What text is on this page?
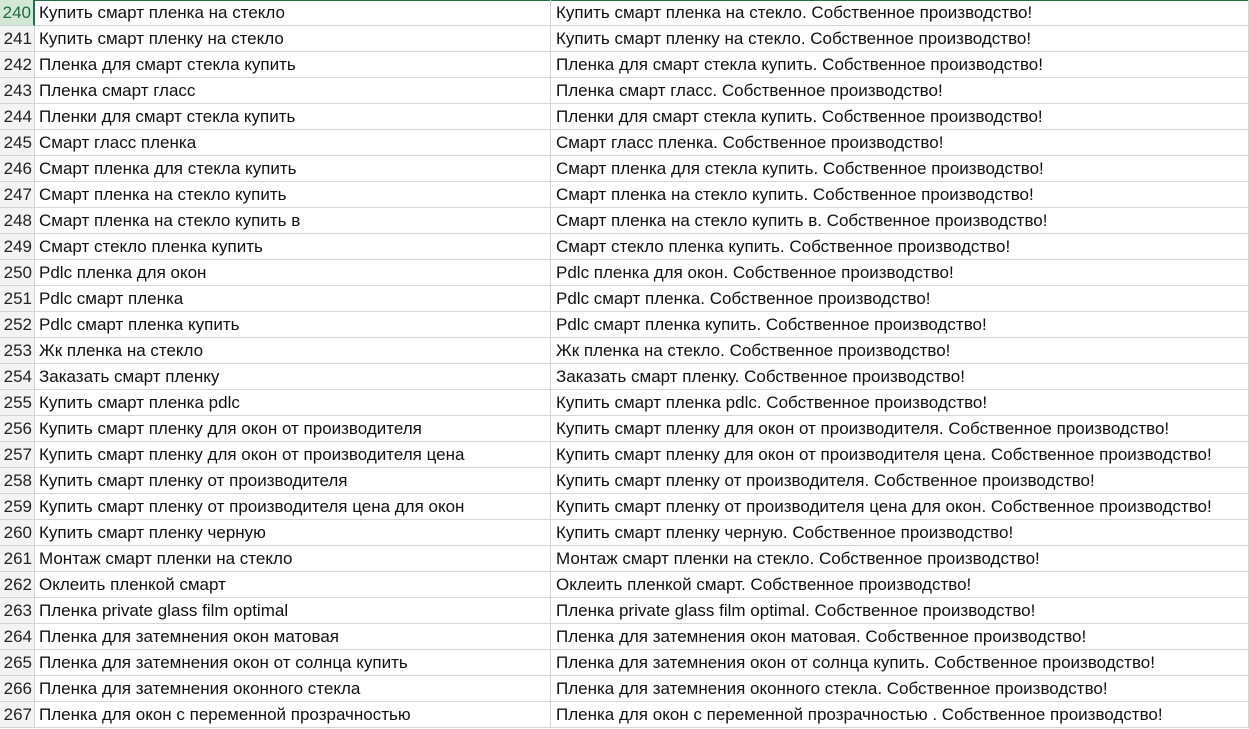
240 Купить смарт пленка на стекло	Купить смарт пленка на стекло. Собственное производство!
241 Купить смарт пленку на стекло	Купить смарт пленку на стекло. Собственное производство!
242 Пленка для смарт стекла купить	Пленка для смарт стекла купить. Собственное производство!
243 Пленка смарт гласс	Пленка смарт гласс. Собственное производство!
244 Пленки для смарт стекла купить	Пленки для смарт стекла купить. Собственное производство!
245 Смарт гласс пленка	Смарт гласс пленка. Собственное производство!
246 Смарт пленка для стекла купить	Смарт пленка для стекла купить. Собственное производство!
247 Смарт пленка на стекло купить	Смарт пленка на стекло купить. Собственное производство!
248 Смарт пленка на стекло купить в	Смарт пленка на стекло купить в. Собственное производство!
249 Смарт стекло пленка купить	Смарт стекло пленка купить. Собственное производство!
250 Pdlc пленка для окон	Pdlc пленка для окон. Собственное производство!
251 Pdlc смарт пленка	Pdlc смарт пленка. Собственное производство!
252 Pdlc смарт пленка купить	Pdlc смарт пленка купить. Собственное производство!
253 Жк пленка на стекло	Жк пленка на стекло. Собственное производство!
254 Заказать смарт пленку	Заказать смарт пленку. Собственное производство!
255 Купить смарт пленка pdlc	Купить смарт пленка pdlc. Собственное производство!
256 Купить смарт пленку для окон от производителя	Купить смарт пленку для окон от производителя. Собственное производство!
257 Купить смарт пленку для окон от производителя цена	Купить смарт пленку для окон от производителя цена. Собственное производство!
258 Купить смарт пленку от производителя	Купить смарт пленку от производителя. Собственное производство!
259 Купить смарт пленку от производителя цена для окон	Купить смарт пленку от производителя цена для окон. Собственное производство!
260 Купить смарт пленку черную	Купить смарт пленку черную. Собственное производство!
261 Монтаж смарт пленки на стекло	Монтаж смарт пленки на стекло. Собственное производство!
262 Оклеить пленкой смарт	Оклеить пленкой смарт. Собственное производство!
263 Пленка private glass film optimal	Пленка private glass film optimal. Собственное производство!
264 Пленка для затемнения окон матовая	Пленка для затемнения окон матовая. Собственное производство!
265 Пленка для затемнения окон от солнца купить	Пленка для затемнения окон от солнца купить. Собственное производство!
266 Пленка для затемнения оконного стекла	Пленка для затемнения оконного стекла. Собственное производство!
267 Пленка для окон с переменной прозрачностью	Пленка для окон с переменной прозрачностью . Собственное производство!
